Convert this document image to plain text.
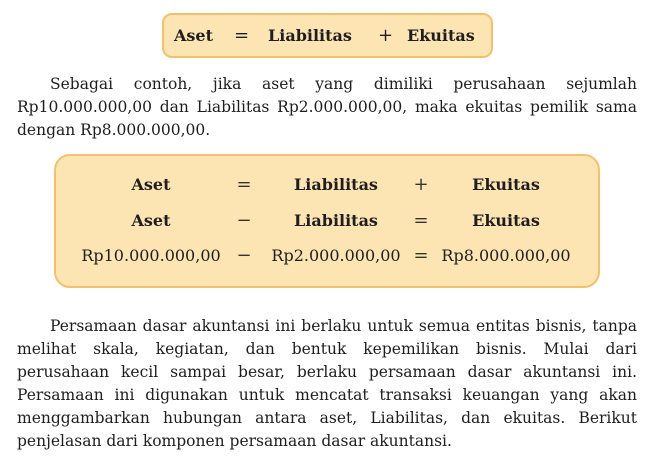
Aset = Liabilitas + Ekuitas

Sebagai contoh, jika aset yang dimiliki perusahaan sejumlah Rp10.000.000,00 dan Liabilitas Rp2.000.000,00, maka ekuitas pemilik sama dengan Rp8.000.000,00.

Aset	=	Liabilitas +	Ekuitas
Aset	−	Liabilitas =	Ekuitas
Rp10.000.000,00 − Rp2.000.000,00 = Rp8.000.000,00

Persamaan dasar akuntansi ini berlaku untuk semua entitas bisnis, tanpa melihat skala, kegiatan, dan bentuk kepemilikan bisnis. Mulai dari perusahaan kecil sampai besar, berlaku persamaan dasar akuntansi ini. Persamaan ini digunakan untuk mencatat transaksi keuangan yang akan menggambarkan hubungan antara aset, Liabilitas, dan ekuitas. Berikut penjelasan dari komponen persamaan dasar akuntansi.
